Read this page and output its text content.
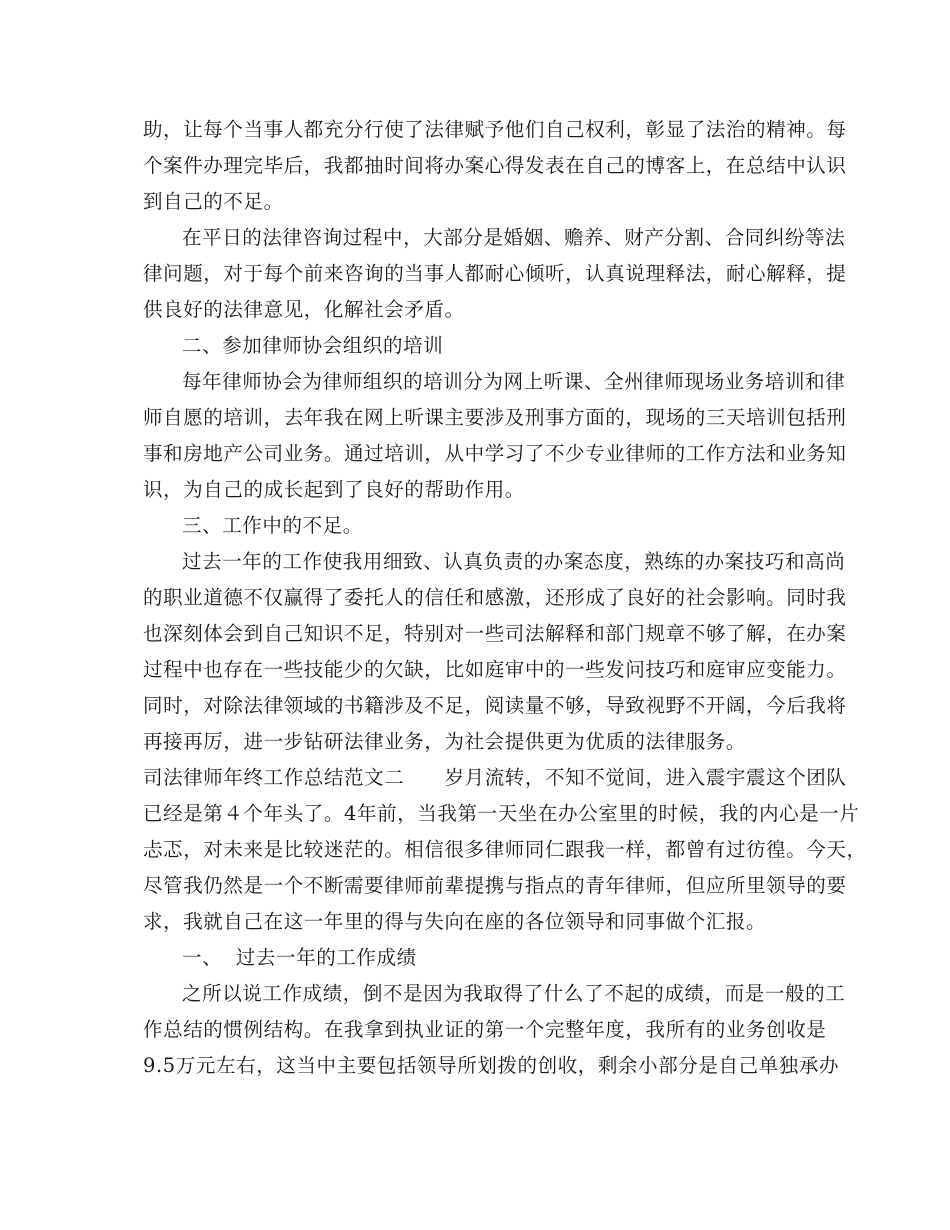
助，让每个当事人都充分行使了法律赋予他们自己权利，彰显了法治的精神。每
个案件办理完毕后，我都抽时间将办案心得发表在自己的博客上，在总结中认识
到自己的不足。
在平日的法律咨询过程中，大部分是婚姻、赡养、财产分割、合同纠纷等法
律问题，对于每个前来咨询的当事人都耐心倾听，认真说理释法，耐心解释，提
供良好的法律意见，化解社会矛盾。
二、参加律师协会组织的培训
每年律师协会为律师组织的培训分为网上听课、全州律师现场业务培训和律
师自愿的培训，去年我在网上听课主要涉及刑事方面的，现场的三天培训包括刑
事和房地产公司业务。通过培训，从中学习了不少专业律师的工作方法和业务知
识，为自己的成长起到了良好的帮助作用。
三、工作中的不足。
过去一年的工作使我用细致、认真负责的办案态度，熟练的办案技巧和高尚
的职业道德不仅赢得了委托人的信任和感激，还形成了良好的社会影响。同时我
也深刻体会到自己知识不足，特别对一些司法解释和部门规章不够了解，在办案
过程中也存在一些技能少的欠缺，比如庭审中的一些发问技巧和庭审应变能力。
同时，对除法律领域的书籍涉及不足，阅读量不够，导致视野不开阔，今后我将
再接再厉，进一步钻研法律业务，为社会提供更为优质的法律服务。
司法律师年终工作总结范文二　　岁月流转，不知不觉间，进入震宇震这个团队
已经是第４个年头了。4年前，当我第一天坐在办公室里的时候，我的内心是一片
忐忑，对未来是比较迷茫的。相信很多律师同仁跟我一样，都曾有过彷徨。今天，
尽管我仍然是一个不断需要律师前辈提携与指点的青年律师，但应所里领导的要
求，我就自己在这一年里的得与失向在座的各位领导和同事做个汇报。
一、  过去一年的工作成绩
之所以说工作成绩，倒不是因为我取得了什么了不起的成绩，而是一般的工
作总结的惯例结构。在我拿到执业证的第一个完整年度，我所有的业务创收是
9.5万元左右，这当中主要包括领导所划拨的创收，剩余小部分是自己单独承办
